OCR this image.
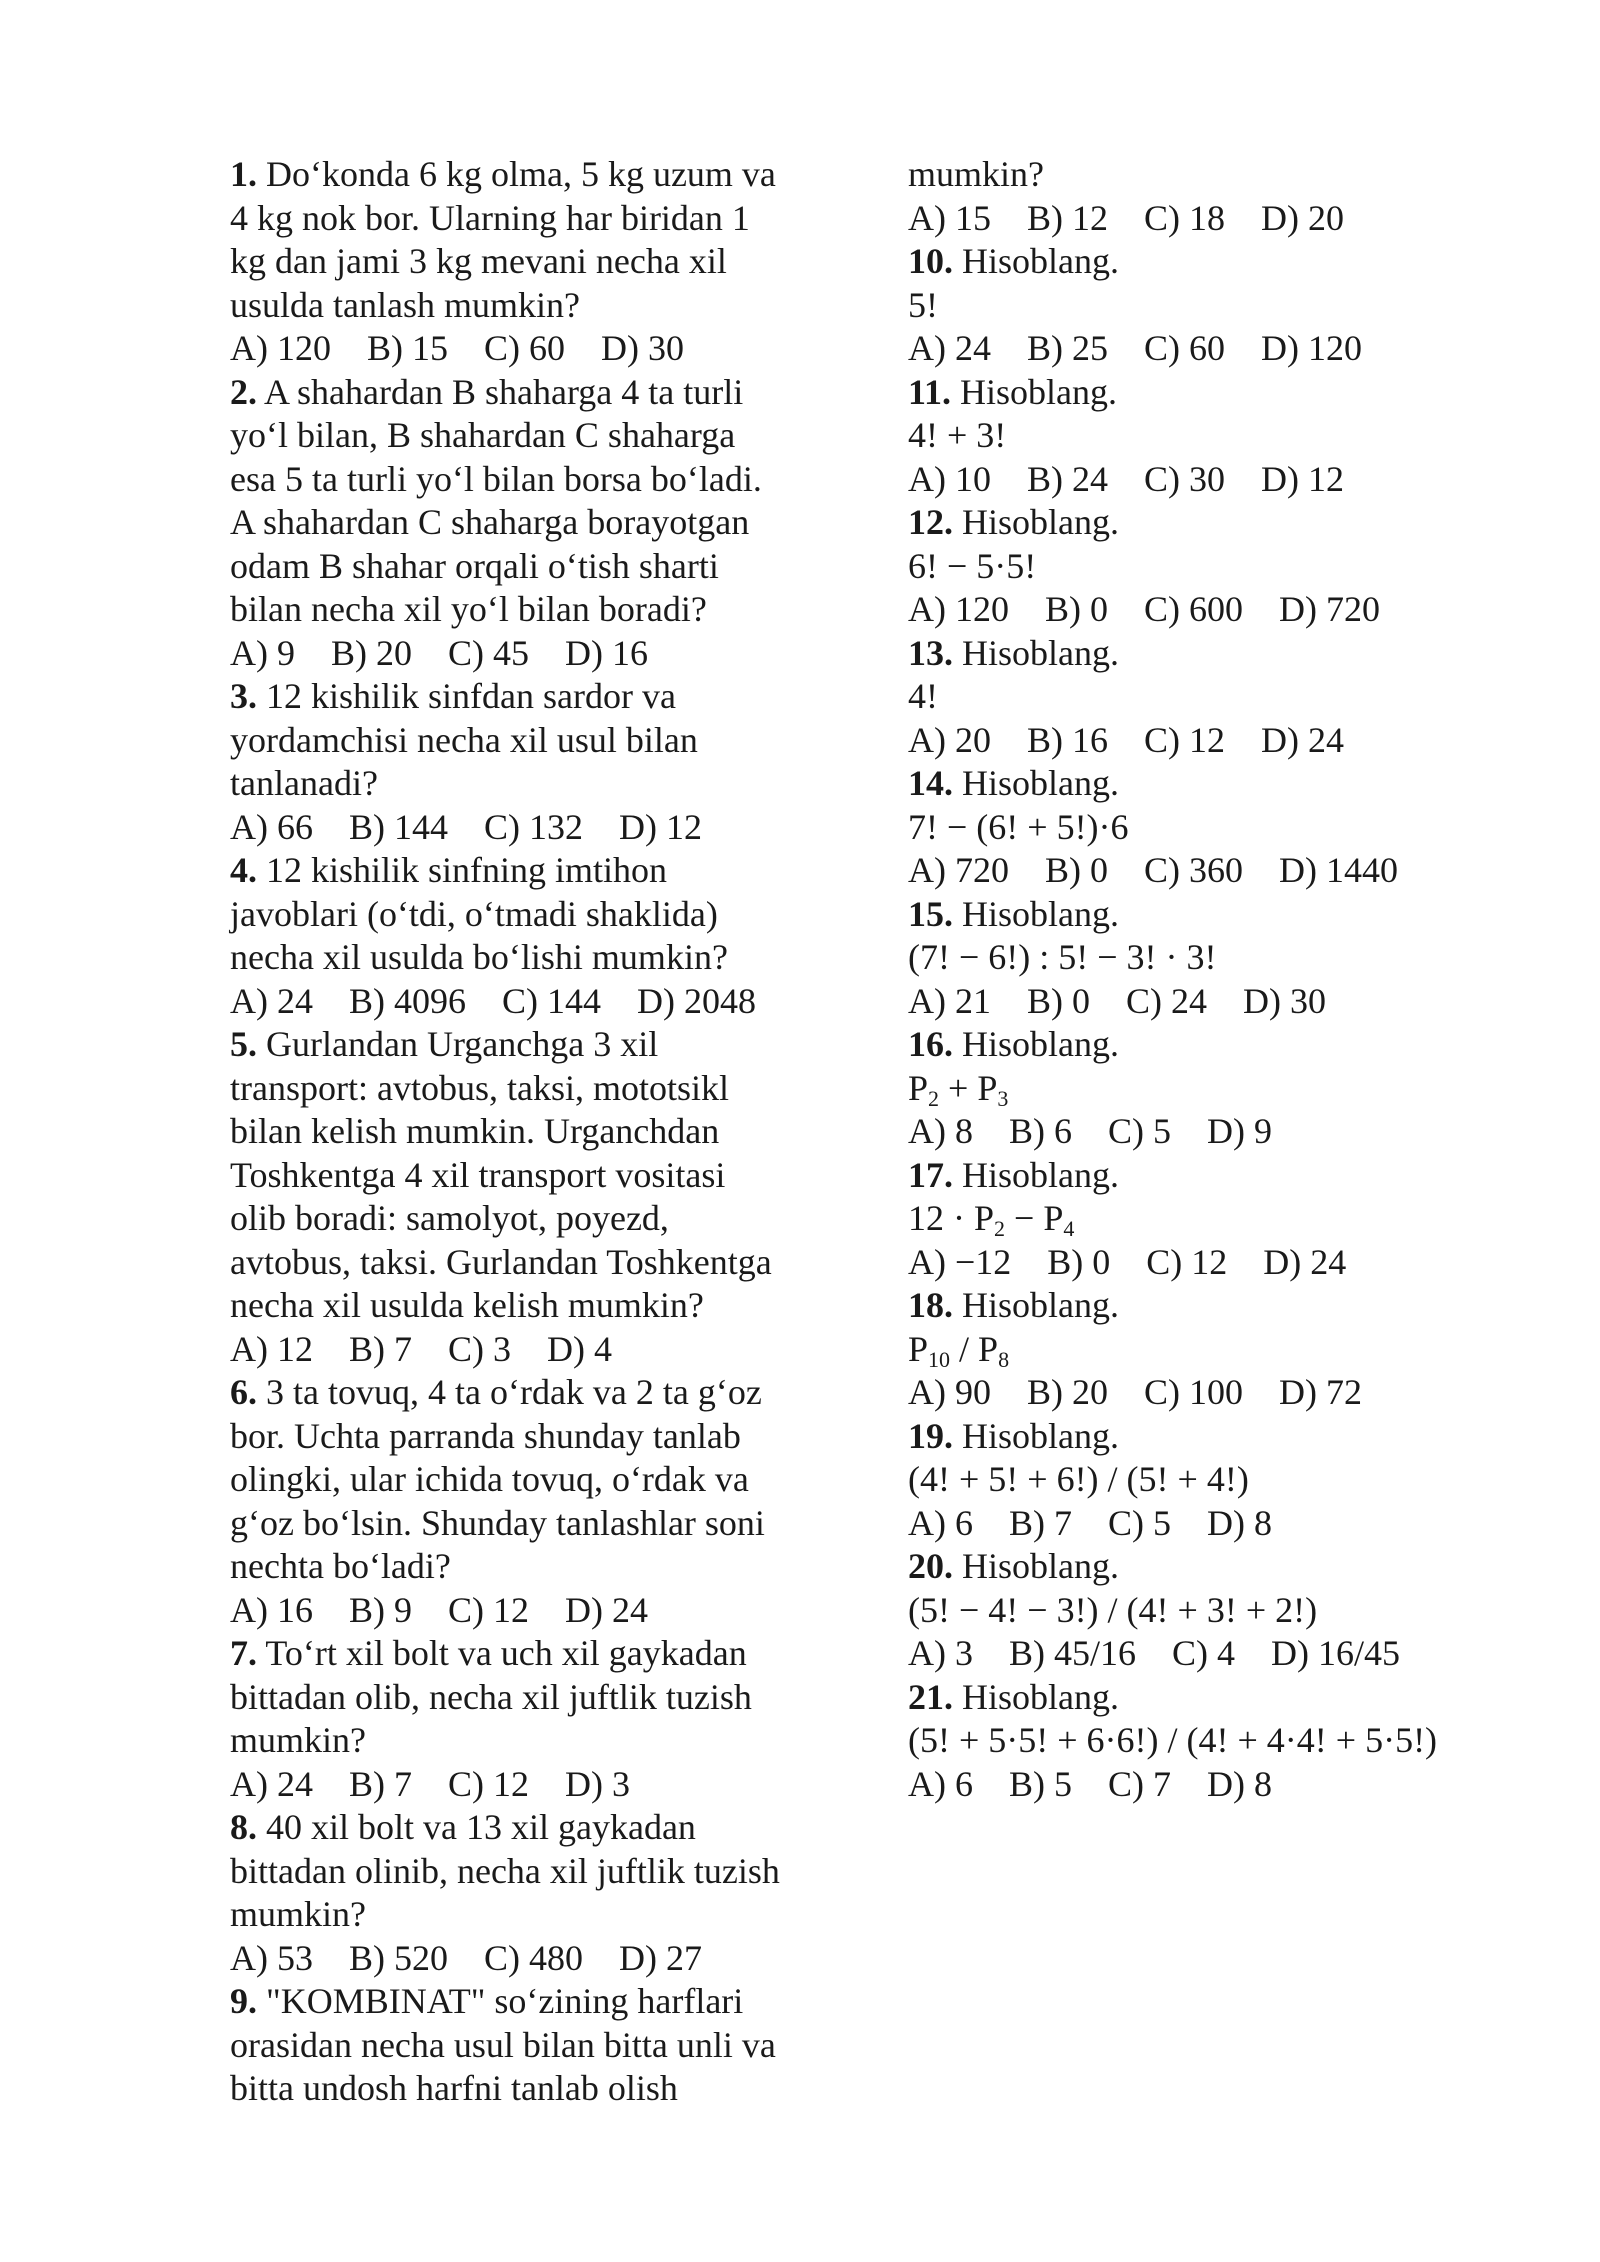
1. Do‘konda 6 kg olma, 5 kg uzum va
4 kg nok bor. Ularning har biridan 1
kg dan jami 3 kg mevani necha xil
usulda tanlash mumkin?
A) 120 B) 15 C) 60 D) 30
2. A shahardan B shaharga 4 ta turli
yo‘l bilan, B shahardan C shaharga
esa 5 ta turli yo‘l bilan borsa bo‘ladi.
A shahardan C shaharga borayotgan
odam B shahar orqali o‘tish sharti
bilan necha xil yo‘l bilan boradi?
A) 9 B) 20 C) 45 D) 16
3. 12 kishilik sinfdan sardor va
yordamchisi necha xil usul bilan
tanlanadi?
A) 66 B) 144 C) 132 D) 12
4. 12 kishilik sinfning imtihon
javoblari (o‘tdi, o‘tmadi shaklida)
necha xil usulda bo‘lishi mumkin?
A) 24 B) 4096 C) 144 D) 2048
5. Gurlandan Urganchga 3 xil
transport: avtobus, taksi, mototsikl
bilan kelish mumkin. Urganchdan
Toshkentga 4 xil transport vositasi
olib boradi: samolyot, poyezd,
avtobus, taksi. Gurlandan Toshkentga
necha xil usulda kelish mumkin?
A) 12 B) 7 C) 3 D) 4
6. 3 ta tovuq, 4 ta o‘rdak va 2 ta g‘oz
bor. Uchta parranda shunday tanlab
olingki, ular ichida tovuq, o‘rdak va
g‘oz bo‘lsin. Shunday tanlashlar soni
nechta bo‘ladi?
A) 16 B) 9 C) 12 D) 24
7. To‘rt xil bolt va uch xil gaykadan
bittadan olib, necha xil juftlik tuzish
mumkin?
A) 24 B) 7 C) 12 D) 3
8. 40 xil bolt va 13 xil gaykadan
bittadan olinib, necha xil juftlik tuzish
mumkin?
A) 53 B) 520 C) 480 D) 27
9. "KOMBINAT" so‘zining harflari
orasidan necha usul bilan bitta unli va
bitta undosh harfni tanlab olish
mumkin?
A) 15 B) 12 C) 18 D) 20
10. Hisoblang.
5!
A) 24 B) 25 C) 60 D) 120
11. Hisoblang.
4! + 3!
A) 10 B) 24 C) 30 D) 12
12. Hisoblang.
6! − 5·5!
A) 120 B) 0 C) 600 D) 720
13. Hisoblang.
4!
A) 20 B) 16 C) 12 D) 24
14. Hisoblang.
7! − (6! + 5!)·6
A) 720 B) 0 C) 360 D) 1440
15. Hisoblang.
(7! − 6!) : 5! − 3! · 3!
A) 21 B) 0 C) 24 D) 30
16. Hisoblang.
$P_2 + P_3$
A) 8 B) 6 C) 5 D) 9
17. Hisoblang.
$12 \cdot P_2 - P_4$
A) −12 B) 0 C) 12 D) 24
18. Hisoblang.
$P_{10} / P_8$
A) 90 B) 20 C) 100 D) 72
19. Hisoblang.
(4! + 5! + 6!) / (5! + 4!)
A) 6 B) 7 C) 5 D) 8
20. Hisoblang.
(5! − 4! − 3!) / (4! + 3! + 2!)
A) 3 B) 45/16 C) 4 D) 16/45
21. Hisoblang.
(5! + 5·5! + 6·6!) / (4! + 4·4! + 5·5!)
A) 6 B) 5 C) 7 D) 8
